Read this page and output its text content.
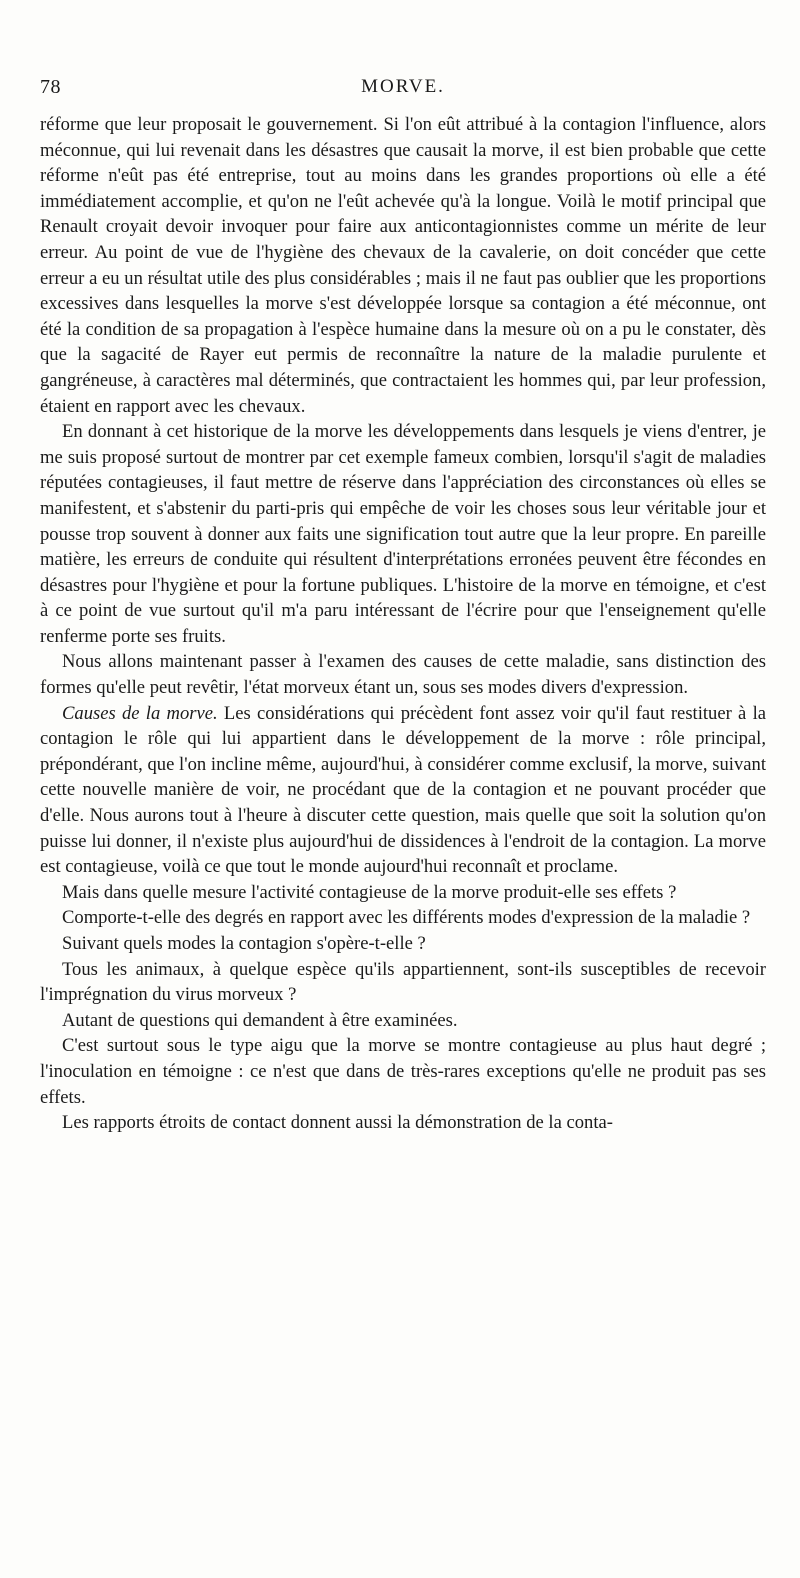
78	MORVE.

réforme que leur proposait le gouvernement. Si l'on eût attribué à la contagion l'influence, alors méconnue, qui lui revenait dans les désastres que causait la morve, il est bien probable que cette réforme n'eût pas été entreprise, tout au moins dans les grandes proportions où elle a été immédiatement accomplie, et qu'on ne l'eût achevée qu'à la longue. Voilà le motif principal que Renault croyait devoir invoquer pour faire aux anticontagionnistes comme un mérite de leur erreur. Au point de vue de l'hygiène des chevaux de la cavalerie, on doit concéder que cette erreur a eu un résultat utile des plus considérables ; mais il ne faut pas oublier que les proportions excessives dans lesquelles la morve s'est développée lorsque sa contagion a été méconnue, ont été la condition de sa propagation à l'espèce humaine dans la mesure où on a pu le constater, dès que la sagacité de Rayer eut permis de reconnaître la nature de la maladie purulente et gangréneuse, à caractères mal déterminés, que contractaient les hommes qui, par leur profession, étaient en rapport avec les chevaux.

En donnant à cet historique de la morve les développements dans lesquels je viens d'entrer, je me suis proposé surtout de montrer par cet exemple fameux combien, lorsqu'il s'agit de maladies réputées contagieuses, il faut mettre de réserve dans l'appréciation des circonstances où elles se manifestent, et s'abstenir du parti-pris qui empêche de voir les choses sous leur véritable jour et pousse trop souvent à donner aux faits une signification tout autre que la leur propre. En pareille matière, les erreurs de conduite qui résultent d'interprétations erronées peuvent être fécondes en désastres pour l'hygiène et pour la fortune publiques. L'histoire de la morve en témoigne, et c'est à ce point de vue surtout qu'il m'a paru intéressant de l'écrire pour que l'enseignement qu'elle renferme porte ses fruits.

Nous allons maintenant passer à l'examen des causes de cette maladie, sans distinction des formes qu'elle peut revêtir, l'état morveux étant un, sous ses modes divers d'expression.

Causes de la morve. Les considérations qui précèdent font assez voir qu'il faut restituer à la contagion le rôle qui lui appartient dans le développement de la morve : rôle principal, prépondérant, que l'on incline même, aujourd'hui, à considérer comme exclusif, la morve, suivant cette nouvelle manière de voir, ne procédant que de la contagion et ne pouvant procéder que d'elle. Nous aurons tout à l'heure à discuter cette question, mais quelle que soit la solution qu'on puisse lui donner, il n'existe plus aujourd'hui de dissidences à l'endroit de la contagion. La morve est contagieuse, voilà ce que tout le monde aujourd'hui reconnaît et proclame.

Mais dans quelle mesure l'activité contagieuse de la morve produit-elle ses effets ?

Comporte-t-elle des degrés en rapport avec les différents modes d'expression de la maladie ?

Suivant quels modes la contagion s'opère-t-elle ?

Tous les animaux, à quelque espèce qu'ils appartiennent, sont-ils susceptibles de recevoir l'imprégnation du virus morveux ?

Autant de questions qui demandent à être examinées.

C'est surtout sous le type aigu que la morve se montre contagieuse au plus haut degré ; l'inoculation en témoigne : ce n'est que dans de très-rares exceptions qu'elle ne produit pas ses effets.

Les rapports étroits de contact donnent aussi la démonstration de la conta-
